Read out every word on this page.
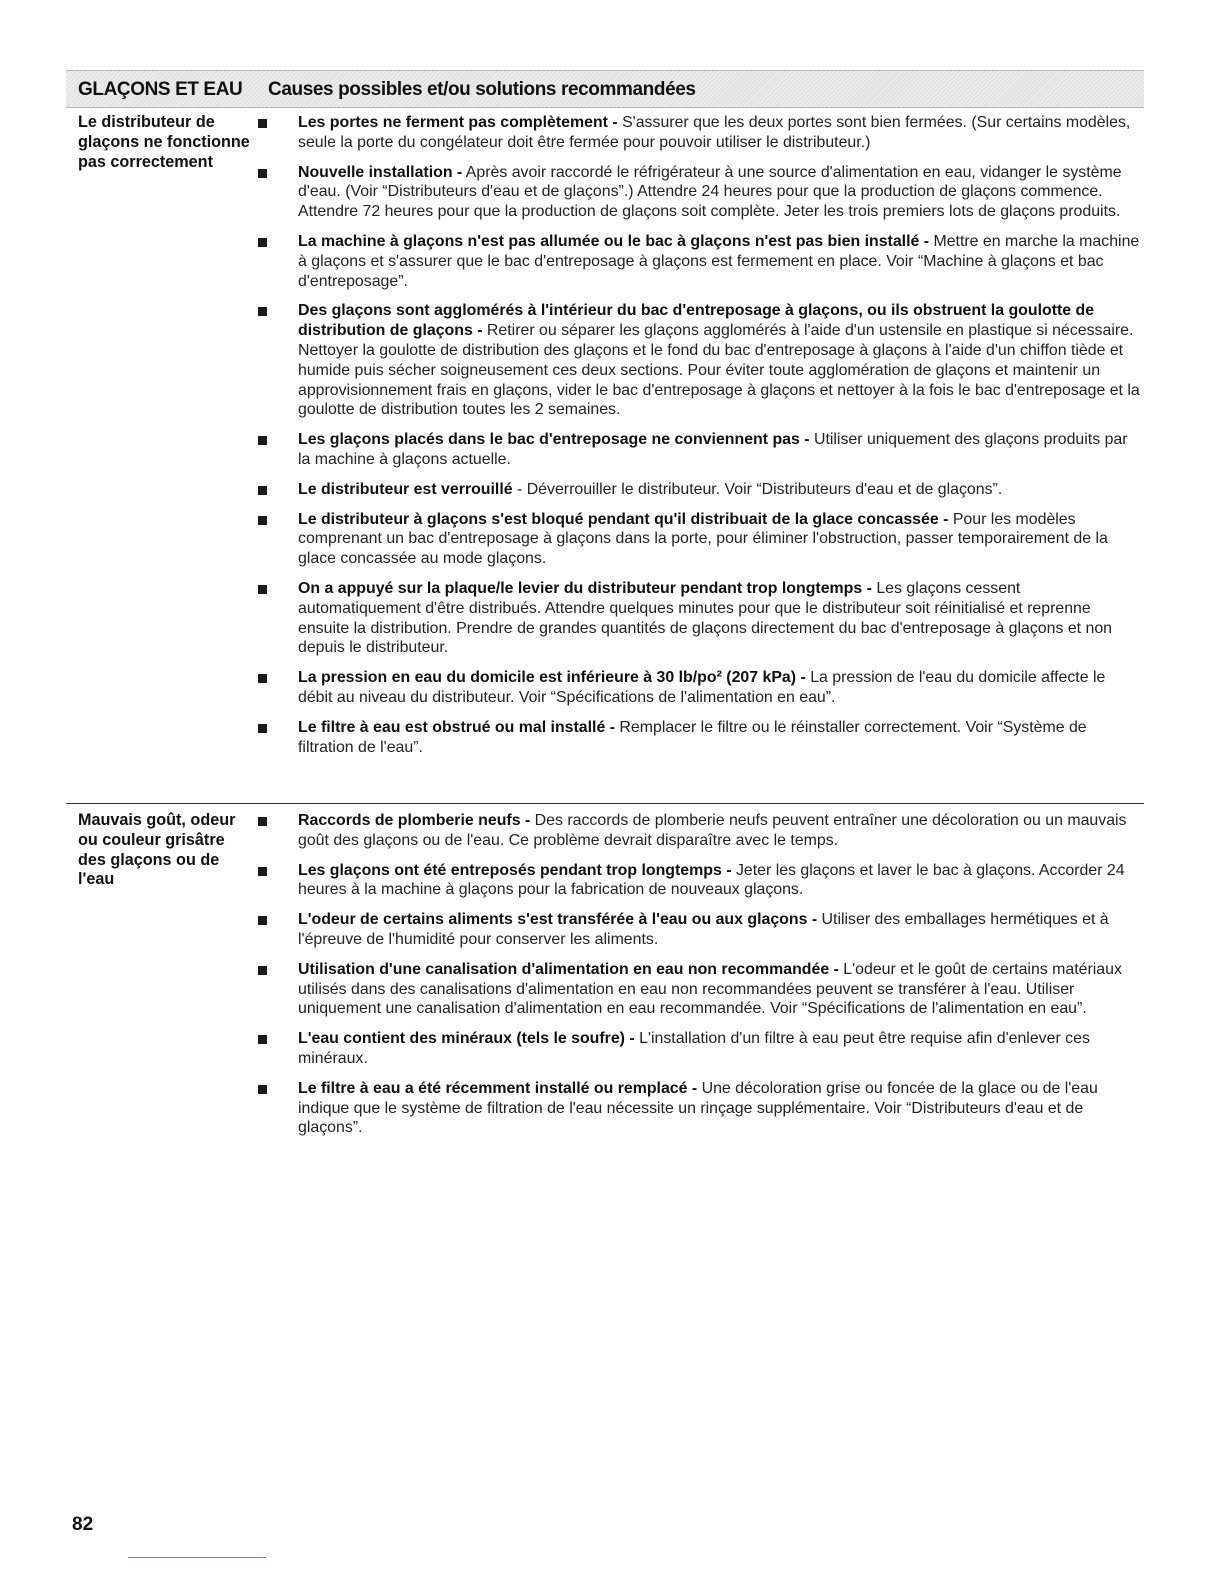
GLAÇONS ET EAU Causes possibles et/ou solutions recommandées
Le distributeur de glaçons ne fonctionne pas correctement
Les portes ne ferment pas complètement - S'assurer que les deux portes sont bien fermées. (Sur certains modèles, seule la porte du congélateur doit être fermée pour pouvoir utiliser le distributeur.)
Nouvelle installation - Après avoir raccordé le réfrigérateur à une source d'alimentation en eau, vidanger le système d'eau. (Voir “Distributeurs d'eau et de glaçons”.) Attendre 24 heures pour que la production de glaçons commence. Attendre 72 heures pour que la production de glaçons soit complète. Jeter les trois premiers lots de glaçons produits.
La machine à glaçons n'est pas allumée ou le bac à glaçons n'est pas bien installé - Mettre en marche la machine à glaçons et s'assurer que le bac d'entreposage à glaçons est fermement en place. Voir “Machine à glaçons et bac d'entreposage”.
Des glaçons sont agglomérés à l'intérieur du bac d'entreposage à glaçons, ou ils obstruent la goulotte de distribution de glaçons - Retirer ou séparer les glaçons agglomérés à l'aide d'un ustensile en plastique si nécessaire. Nettoyer la goulotte de distribution des glaçons et le fond du bac d'entreposage à glaçons à l'aide d'un chiffon tiède et humide puis sécher soigneusement ces deux sections. Pour éviter toute agglomération de glaçons et maintenir un approvisionnement frais en glaçons, vider le bac d'entreposage à glaçons et nettoyer à la fois le bac d'entreposage et la goulotte de distribution toutes les 2 semaines.
Les glaçons placés dans le bac d'entreposage ne conviennent pas - Utiliser uniquement des glaçons produits par la machine à glaçons actuelle.
Le distributeur est verrouillé - Déverrouiller le distributeur. Voir “Distributeurs d'eau et de glaçons”.
Le distributeur à glaçons s'est bloqué pendant qu'il distribuait de la glace concassée - Pour les modèles comprenant un bac d'entreposage à glaçons dans la porte, pour éliminer l'obstruction, passer temporairement de la glace concassée au mode glaçons.
On a appuyé sur la plaque/le levier du distributeur pendant trop longtemps - Les glaçons cessent automatiquement d'être distribués. Attendre quelques minutes pour que le distributeur soit réinitialisé et reprenne ensuite la distribution. Prendre de grandes quantités de glaçons directement du bac d'entreposage à glaçons et non depuis le distributeur.
La pression en eau du domicile est inférieure à 30 lb/po² (207 kPa) - La pression de l'eau du domicile affecte le débit au niveau du distributeur. Voir “Spécifications de l'alimentation en eau”.
Le filtre à eau est obstrué ou mal installé - Remplacer le filtre ou le réinstaller correctement. Voir “Système de filtration de l'eau”.
Mauvais goût, odeur ou couleur grisâtre des glaçons ou de l'eau
Raccords de plomberie neufs - Des raccords de plomberie neufs peuvent entraîner une décoloration ou un mauvais goût des glaçons ou de l'eau. Ce problème devrait disparaître avec le temps.
Les glaçons ont été entreposés pendant trop longtemps - Jeter les glaçons et laver le bac à glaçons. Accorder 24 heures à la machine à glaçons pour la fabrication de nouveaux glaçons.
L'odeur de certains aliments s'est transférée à l'eau ou aux glaçons - Utiliser des emballages hermétiques et à l'épreuve de l'humidité pour conserver les aliments.
Utilisation d'une canalisation d'alimentation en eau non recommandée - L'odeur et le goût de certains matériaux utilisés dans des canalisations d'alimentation en eau non recommandées peuvent se transférer à l'eau. Utiliser uniquement une canalisation d'alimentation en eau recommandée. Voir “Spécifications de l'alimentation en eau”.
L'eau contient des minéraux (tels le soufre) - L'installation d'un filtre à eau peut être requise afin d'enlever ces minéraux.
Le filtre à eau a été récemment installé ou remplacé - Une décoloration grise ou foncée de la glace ou de l'eau indique que le système de filtration de l'eau nécessite un rinçage supplémentaire. Voir “Distributeurs d'eau et de glaçons”.
82
